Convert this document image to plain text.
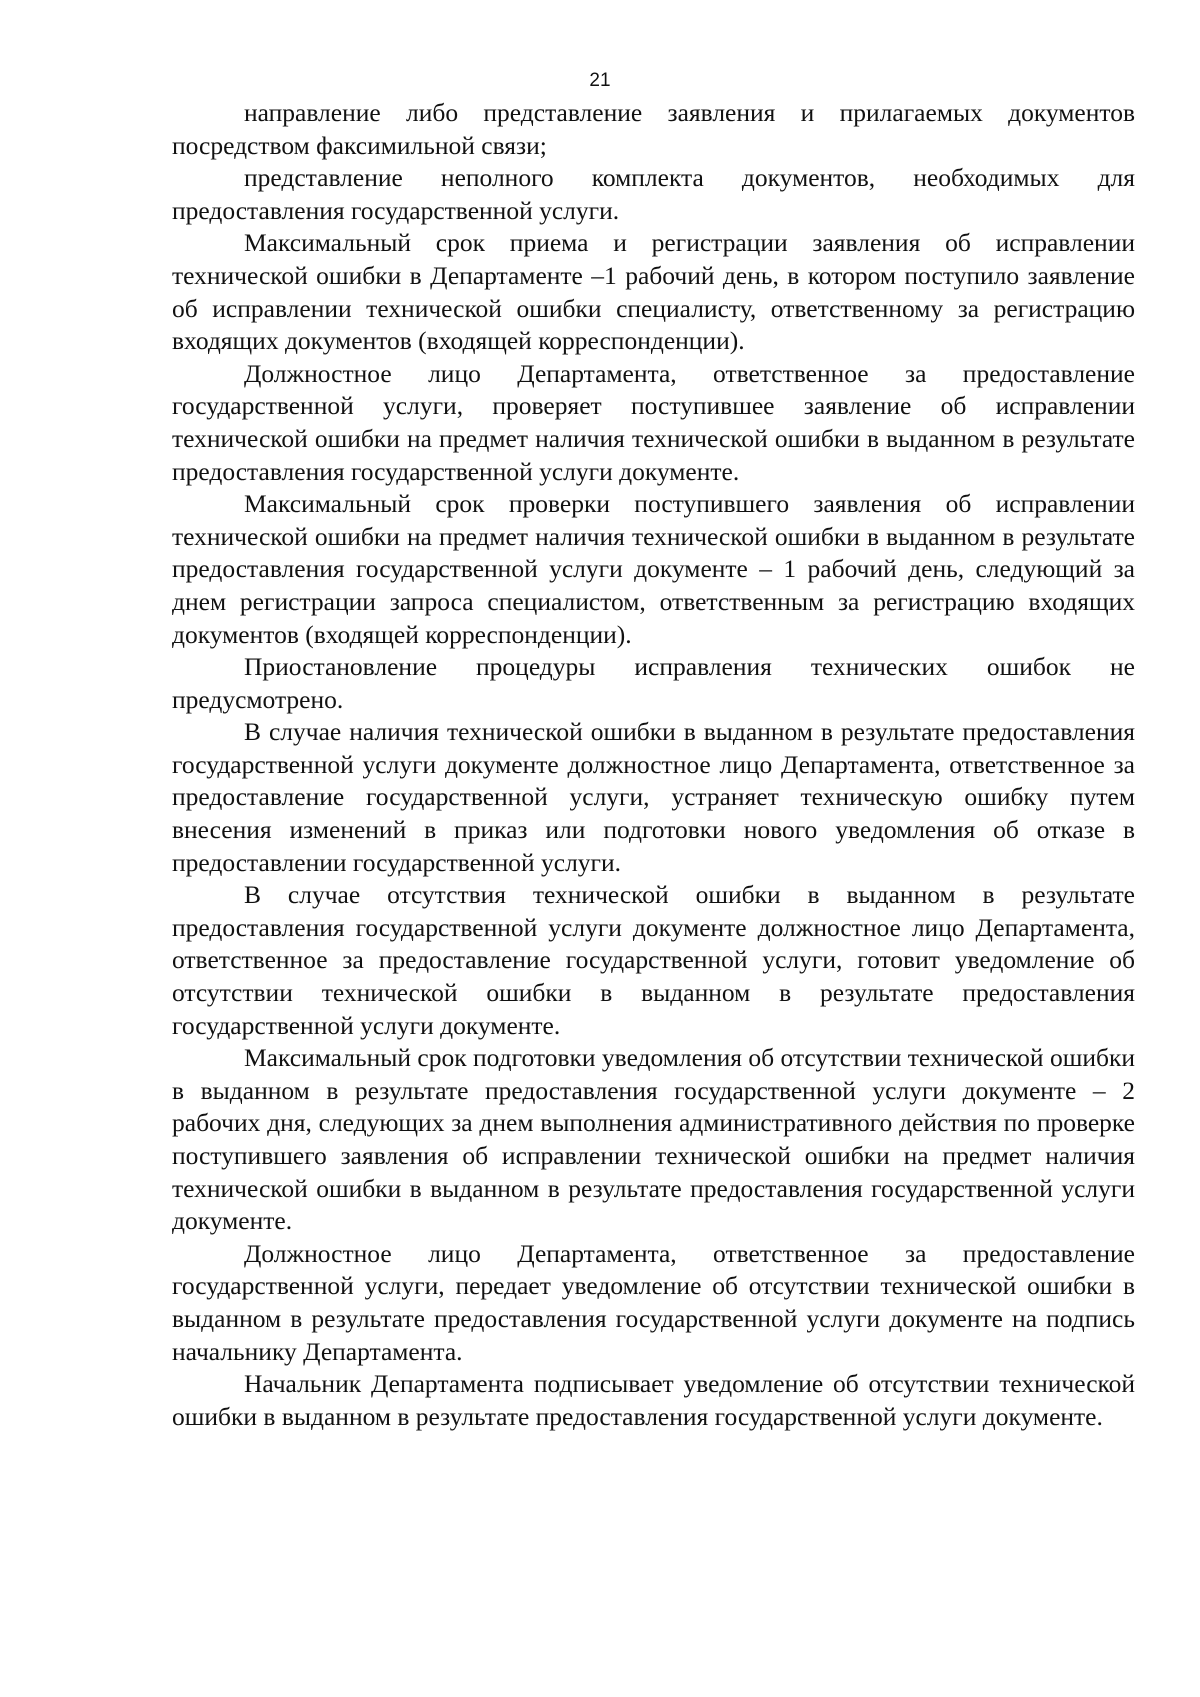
21

направление либо представление заявления и прилагаемых документов посредством факсимильной связи;

представление неполного комплекта документов, необходимых для предоставления государственной услуги.

Максимальный срок приема и регистрации заявления об исправлении технической ошибки в Департаменте –1 рабочий день, в котором поступило заявление об исправлении технической ошибки специалисту, ответственному за регистрацию входящих документов (входящей корреспонденции).

Должностное лицо Департамента, ответственное за предоставление государственной услуги, проверяет поступившее заявление об исправлении технической ошибки на предмет наличия технической ошибки в выданном в результате предоставления государственной услуги документе.

Максимальный срок проверки поступившего заявления об исправлении технической ошибки на предмет наличия технической ошибки в выданном в результате предоставления государственной услуги документе – 1 рабочий день, следующий за днем регистрации запроса специалистом, ответственным за регистрацию входящих документов (входящей корреспонденции).

Приостановление процедуры исправления технических ошибок не предусмотрено.

В случае наличия технической ошибки в выданном в результате предоставления государственной услуги документе должностное лицо Департамента, ответственное за предоставление государственной услуги, устраняет техническую ошибку путем внесения изменений в приказ или подготовки нового уведомления об отказе в предоставлении государственной услуги.

В случае отсутствия технической ошибки в выданном в результате предоставления государственной услуги документе должностное лицо Департамента, ответственное за предоставление государственной услуги, готовит уведомление об отсутствии технической ошибки в выданном в результате предоставления государственной услуги документе.

Максимальный срок подготовки уведомления об отсутствии технической ошибки в выданном в результате предоставления государственной услуги документе – 2 рабочих дня, следующих за днем выполнения административного действия по проверке поступившего заявления об исправлении технической ошибки на предмет наличия технической ошибки в выданном в результате предоставления государственной услуги документе.

Должностное лицо Департамента, ответственное за предоставление государственной услуги, передает уведомление об отсутствии технической ошибки в выданном в результате предоставления государственной услуги документе на подпись начальнику Департамента.

Начальник Департамента подписывает уведомление об отсутствии технической ошибки в выданном в результате предоставления государственной услуги документе.
